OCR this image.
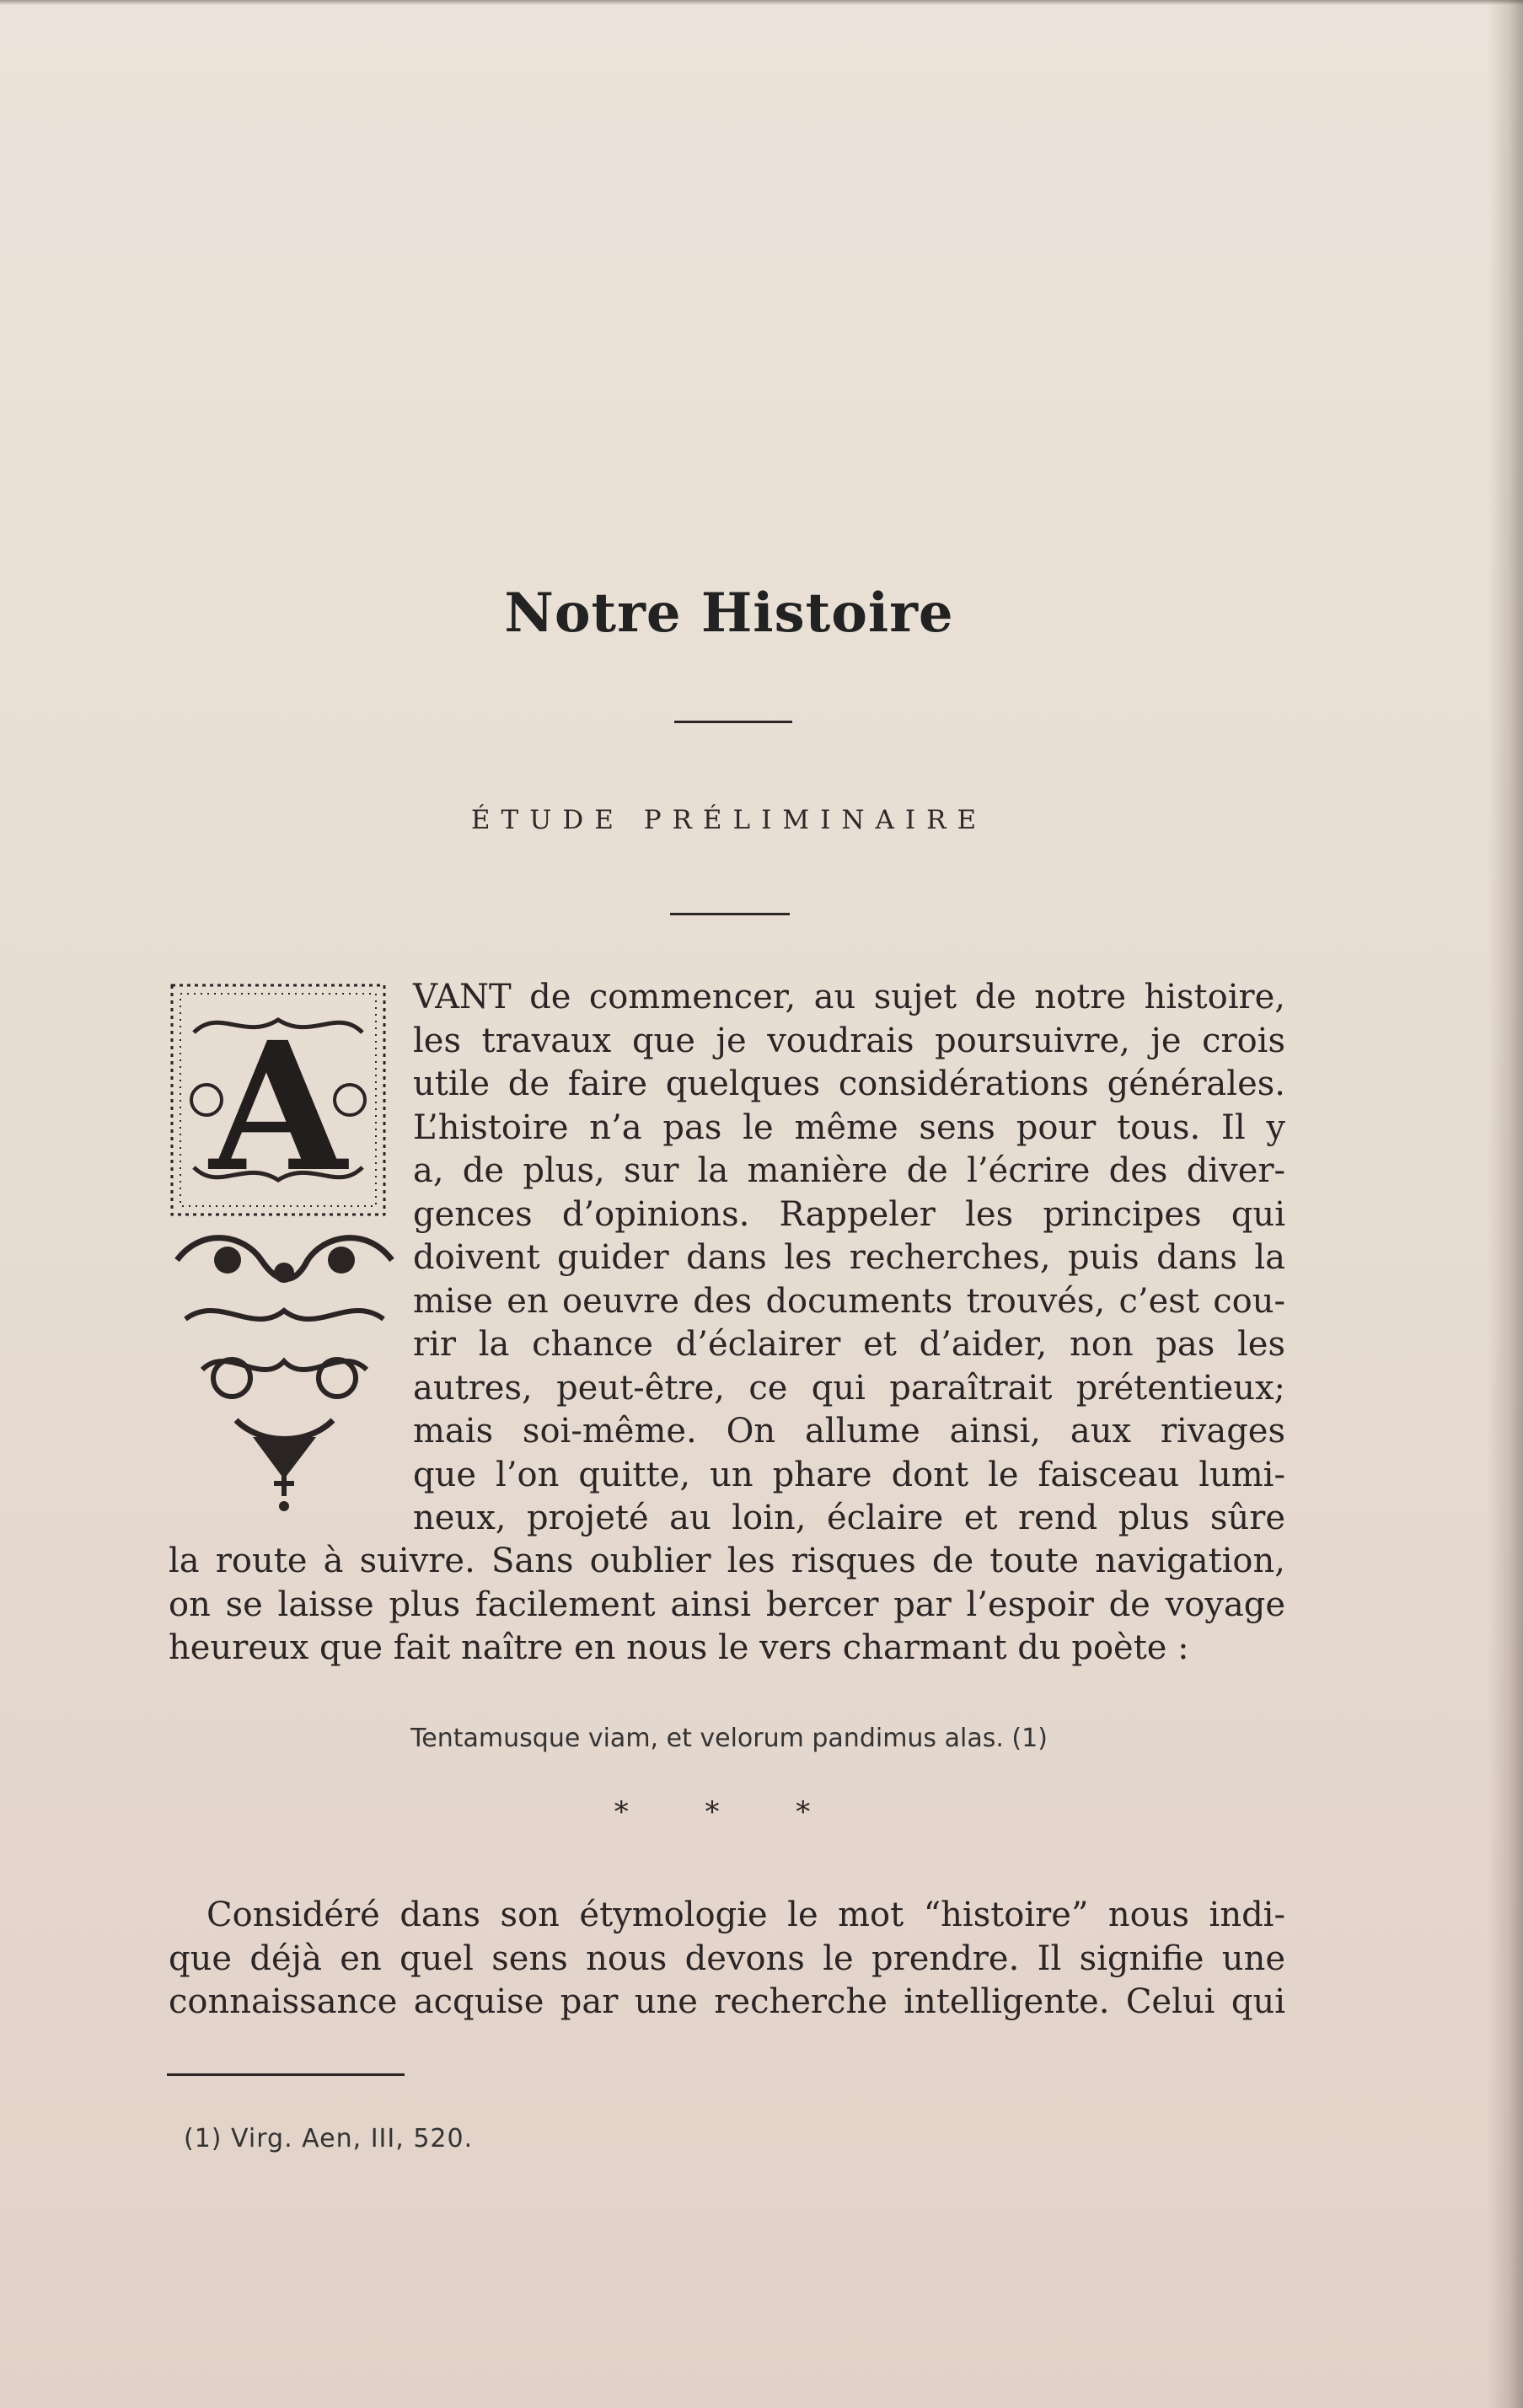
Notre Histoire
ÉTUDE PRÉLIMINAIRE
A
VANT de commencer, au sujet de notre histoire,
les travaux que je voudrais poursuivre, je crois
utile de faire quelques considérations générales.
L’histoire n’a pas le même sens pour tous. Il y
a, de plus, sur la manière de l’écrire des diver-
gences d’opinions. Rappeler les principes qui
doivent guider dans les recherches, puis dans la
mise en oeuvre des documents trouvés, c’est cou-
rir la chance d’éclairer et d’aider, non pas les
autres, peut-être, ce qui paraîtrait prétentieux;
mais soi-même. On allume ainsi, aux rivages
que l’on quitte, un phare dont le faisceau lumi-
neux, projeté au loin, éclaire et rend plus sûre
la route à suivre. Sans oublier les risques de toute navigation,
on se laisse plus facilement ainsi bercer par l’espoir de voyage
heureux que fait naître en nous le vers charmant du poète :
Tentamusque viam, et velorum pandimus alas. (1)
* * *
Considéré dans son étymologie le mot “histoire” nous indi-
que déjà en quel sens nous devons le prendre. Il signifie une
connaissance acquise par une recherche intelligente. Celui qui
(1) Virg. Aen, III, 520.
